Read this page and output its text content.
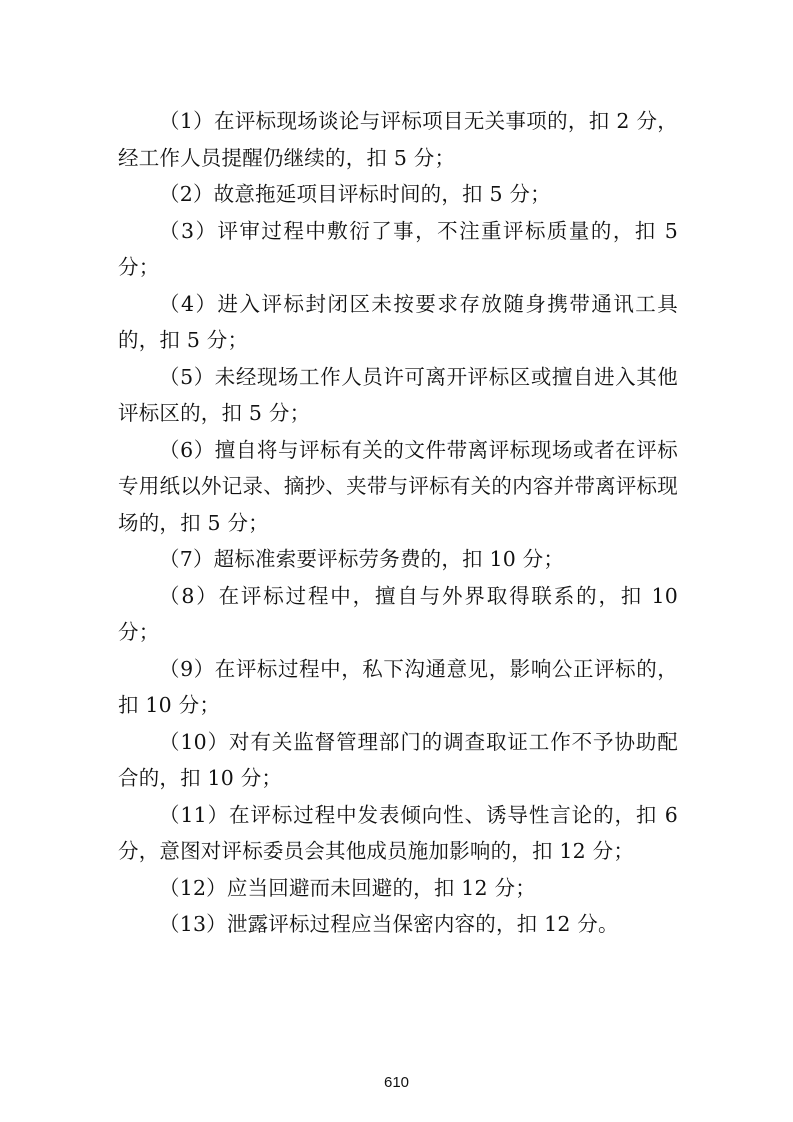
（1）在评标现场谈论与评标项目无关事项的，扣 2 分，经工作人员提醒仍继续的，扣 5 分；

（2）故意拖延项目评标时间的，扣 5 分；

（3）评审过程中敷衍了事，不注重评标质量的，扣 5 分；

（4）进入评标封闭区未按要求存放随身携带通讯工具的，扣 5 分；

（5）未经现场工作人员许可离开评标区或擅自进入其他评标区的，扣 5 分；

（6）擅自将与评标有关的文件带离评标现场或者在评标专用纸以外记录、摘抄、夹带与评标有关的内容并带离评标现场的，扣 5 分；

（7）超标准索要评标劳务费的，扣 10 分；

（8）在评标过程中，擅自与外界取得联系的，扣 10 分；

（9）在评标过程中，私下沟通意见，影响公正评标的，扣 10 分；

（10）对有关监督管理部门的调查取证工作不予协助配合的，扣 10 分；

（11）在评标过程中发表倾向性、诱导性言论的，扣 6 分，意图对评标委员会其他成员施加影响的，扣 12 分；

（12）应当回避而未回避的，扣 12 分；

（13）泄露评标过程应当保密内容的，扣 12 分。

610
